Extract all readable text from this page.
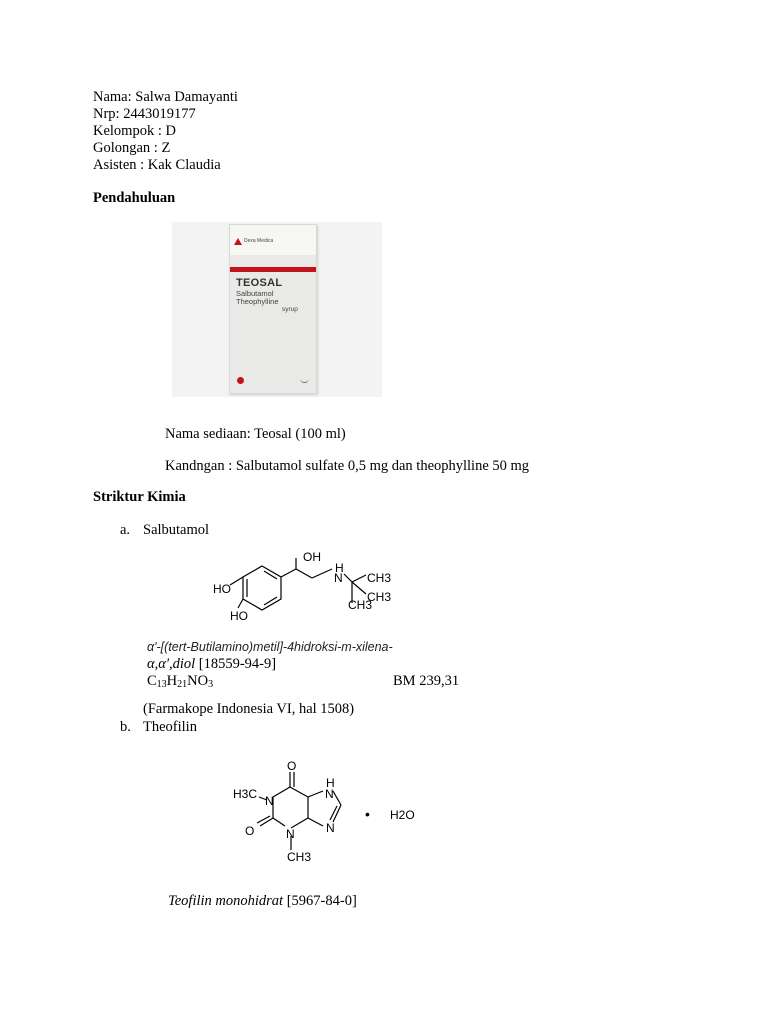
Nama: Salwa Damayanti
Nrp: 2443019177
Kelompok : D
Golongan : Z
Asisten : Kak Claudia
Pendahuluan
Dexa Medica
TEOSAL
Salbutamol
Theophylline
syrup
Nama sediaan: Teosal (100 ml)
Kandngan : Salbutamol sulfate 0,5 mg dan theophylline 50 mg
Striktur Kimia
a. Salbutamol
OH
H
N CH3
CH3
CH3
HO
HO
α'-[(tert-Butilamino)metil]-4hidroksi-m-xilena-
α,α',diol [18559-94-9]
$C_{13}H_{21}NO_3$	BM 239,31
(Farmakope Indonesia VI, hal 1508)
b. Theofilin
O
H
N
H3C N
N
O	N
CH3
• H2O
Teofilin monohidrat [5967-84-0]
